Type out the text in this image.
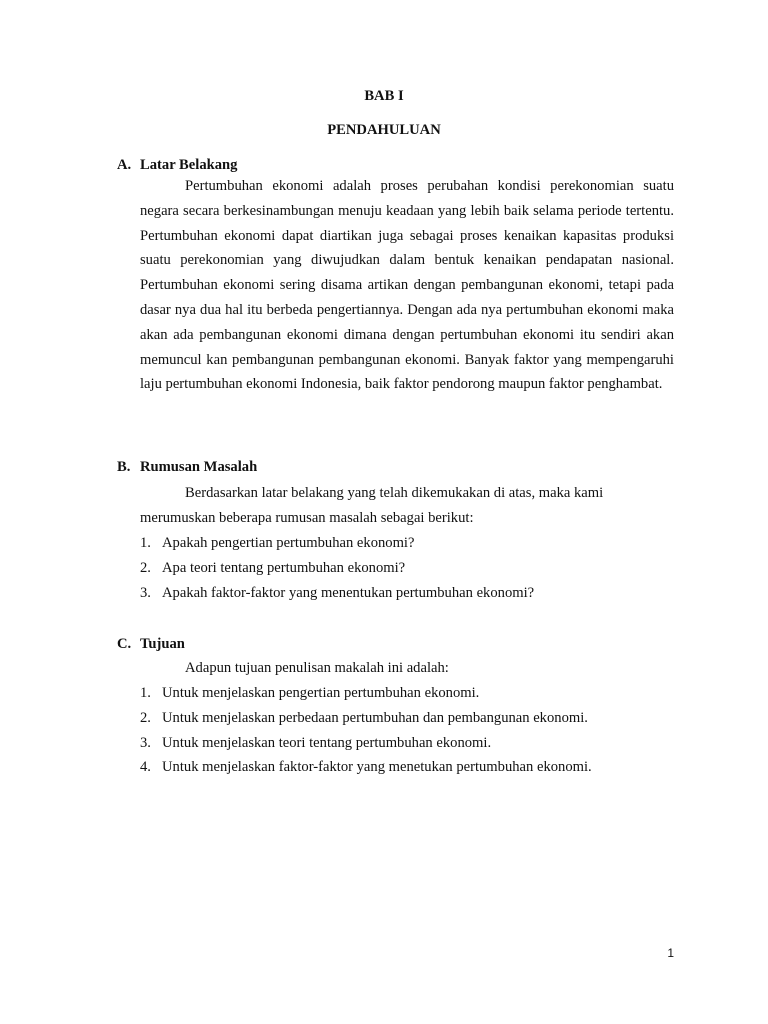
BAB I
PENDAHULUAN
A. Latar Belakang

Pertumbuhan ekonomi adalah proses perubahan kondisi perekonomian suatu negara secara berkesinambungan menuju keadaan yang lebih baik selama periode tertentu. Pertumbuhan ekonomi dapat diartikan juga sebagai proses kenaikan kapasitas produksi suatu perekonomian yang diwujudkan dalam bentuk kenaikan pendapatan nasional. Pertumbuhan ekonomi sering disama artikan dengan pembangunan ekonomi, tetapi pada dasar nya dua hal itu berbeda pengertiannya. Dengan ada nya pertumbuhan ekonomi maka akan ada pembangunan ekonomi dimana dengan pertumbuhan ekonomi itu sendiri akan memuncul kan pembangunan pembangunan ekonomi. Banyak faktor yang mempengaruhi laju pertumbuhan ekonomi Indonesia, baik faktor pendorong maupun faktor penghambat.

B. Rumusan Masalah

Berdasarkan latar belakang yang telah dikemukakan di atas, maka kami merumuskan beberapa rumusan masalah sebagai berikut:

1. Apakah pengertian pertumbuhan ekonomi?
2. Apa teori tentang pertumbuhan ekonomi?
3. Apakah faktor-faktor yang menentukan pertumbuhan ekonomi?
C. Tujuan

Adapun tujuan penulisan makalah ini adalah:

1. Untuk menjelaskan pengertian pertumbuhan ekonomi.
2. Untuk menjelaskan perbedaan pertumbuhan dan pembangunan ekonomi.
3. Untuk menjelaskan teori tentang pertumbuhan ekonomi.
4. Untuk menjelaskan faktor-faktor yang menetukan pertumbuhan ekonomi.
1
